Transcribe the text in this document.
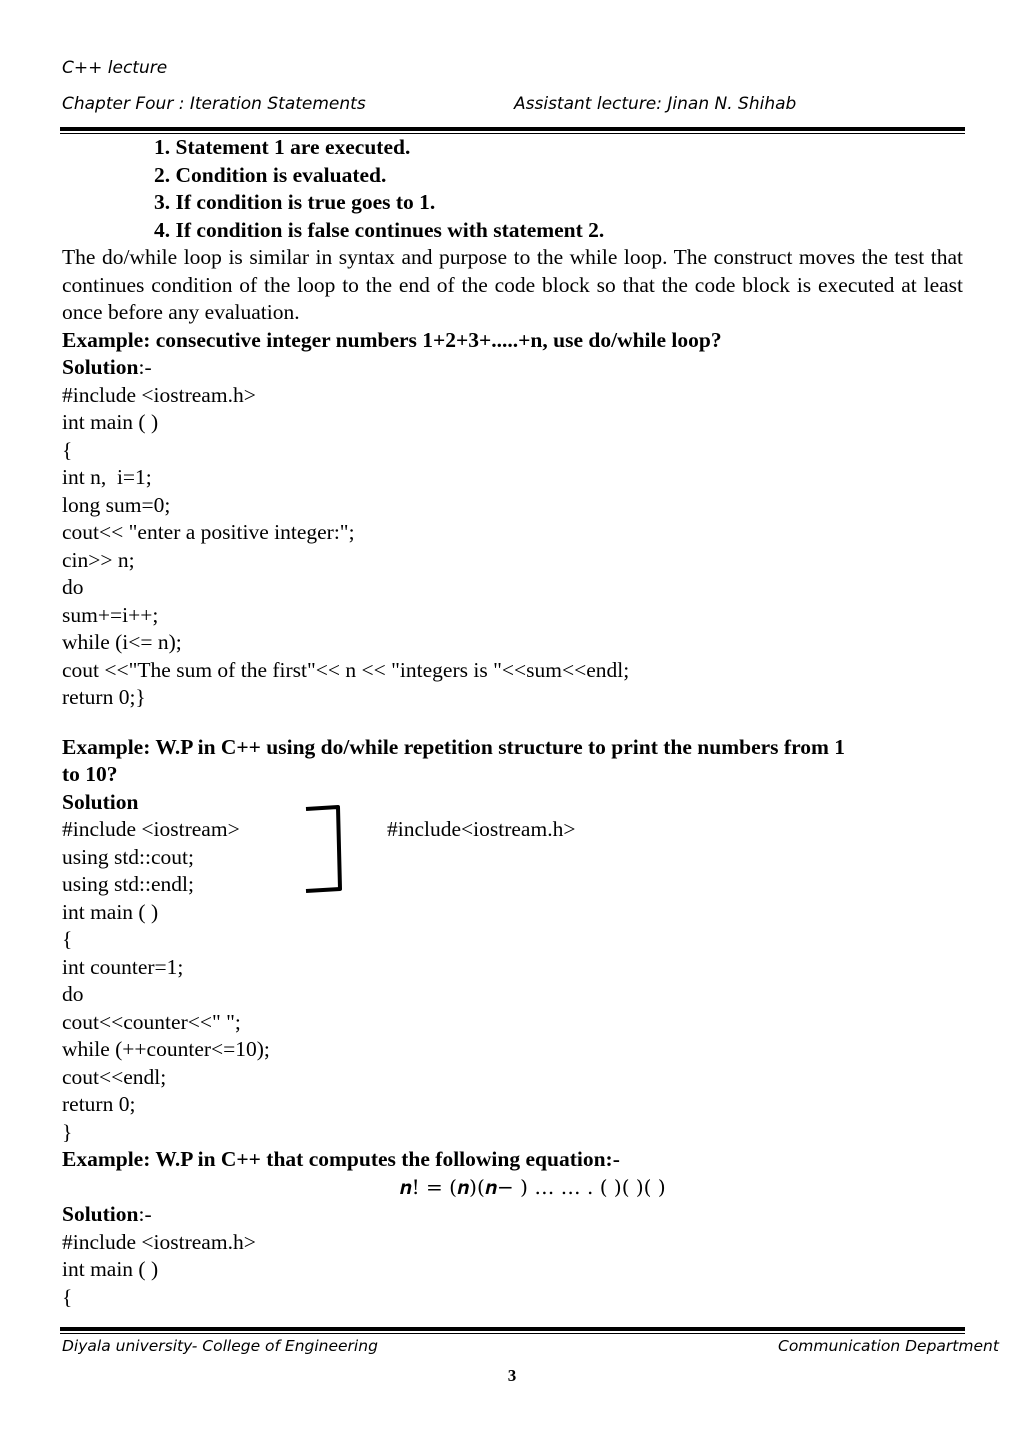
C++ lecture
Chapter Four : Iteration Statements	Assistant lecture: Jinan N. Shihab
1. Statement 1 are executed.
2. Condition is evaluated.
3. If condition is true goes to 1.
4. If condition is false continues with statement 2.
The do/while loop is similar in syntax and purpose to the while loop. The construct moves the test that continues condition of the loop to the end of the code block so that the code block is executed at least once before any evaluation.
Example: consecutive integer numbers 1+2+3+.....+n, use do/while loop?
Solution:-
#include <iostream.h>
int main ( )
{
int n,  i=1;
long sum=0;
cout<< "enter a positive integer:";
cin>> n;
do
sum+=i++;
while (i<= n);
cout <<"The sum of the first"<< n << "integers is "<<sum<<endl;
return 0;}
Example: W.P in C++ using do/while repetition structure to print the numbers from 1
to 10?
Solution
#include <iostream>	#include<iostream.h>
using std::cout;
using std::endl;
int main ( )
{
int counter=1;
do
cout<<counter<<" ";
while (++counter<=10);
cout<<endl;
return 0;
}
Example: W.P in C++ that computes the following equation:-
𝒏! = (𝒏)(𝒏− ) … … . ( )( )( )
Solution:-
#include <iostream.h>
int main ( )
{
Diyala university- College of Engineering	Communication Department
3
